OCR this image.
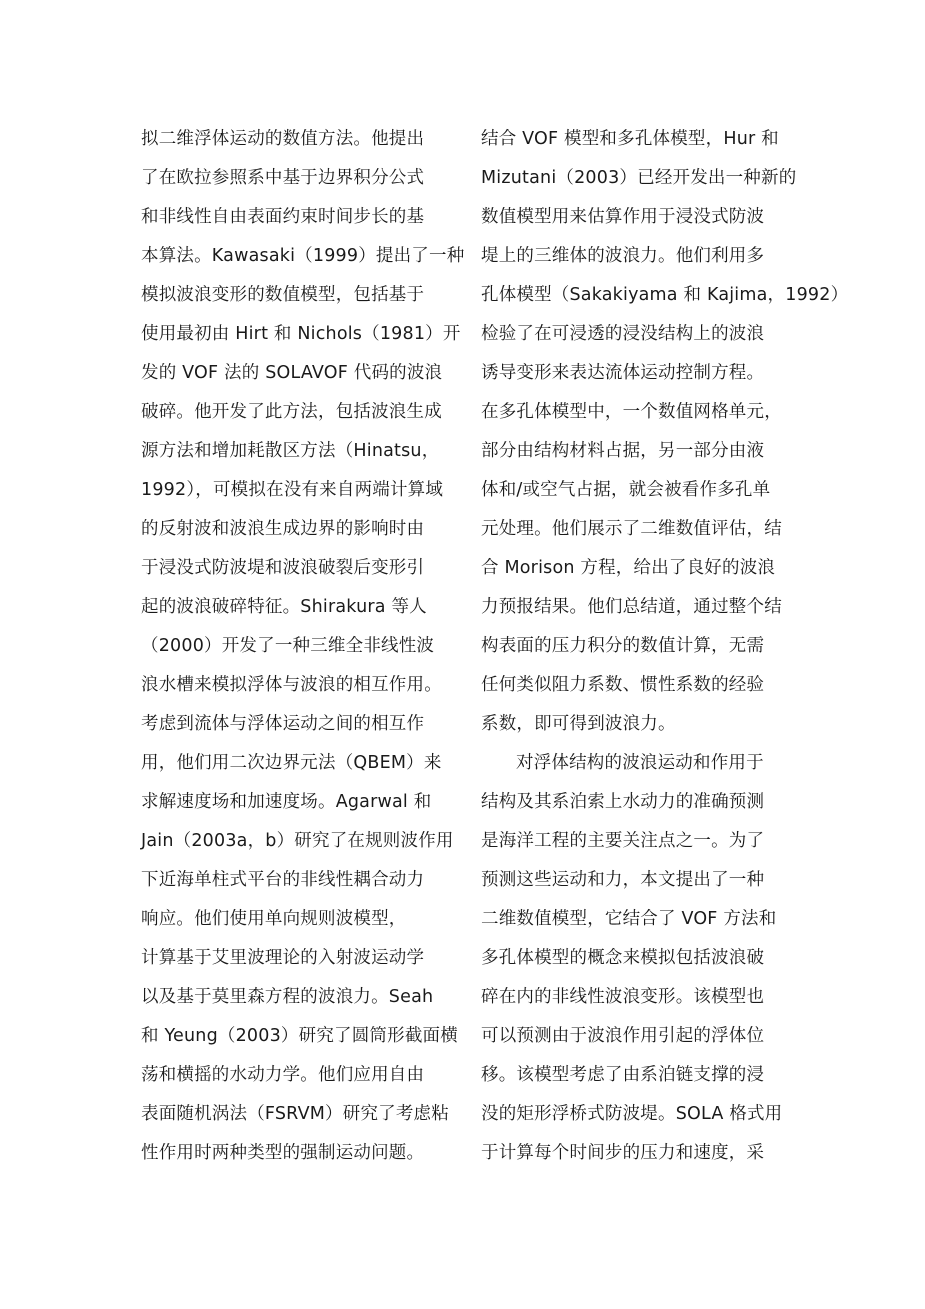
拟二维浮体运动的数值方法。他提出
了在欧拉参照系中基于边界积分公式
和非线性自由表面约束时间步长的基
本算法。Kawasaki（1999）提出了一种
模拟波浪变形的数值模型，包括基于
使用最初由 Hirt 和 Nichols（1981）开
发的 VOF 法的 SOLAVOF 代码的波浪
破碎。他开发了此方法，包括波浪生成
源方法和增加耗散区方法（Hinatsu，
1992），可模拟在没有来自两端计算域
的反射波和波浪生成边界的影响时由
于浸没式防波堤和波浪破裂后变形引
起的波浪破碎特征。Shirakura 等人
（2000）开发了一种三维全非线性波
浪水槽来模拟浮体与波浪的相互作用。
考虑到流体与浮体运动之间的相互作
用，他们用二次边界元法（QBEM）来
求解速度场和加速度场。Agarwal 和
Jain（2003a，b）研究了在规则波作用
下近海单柱式平台的非线性耦合动力
响应。他们使用单向规则波模型，
计算基于艾里波理论的入射波运动学
以及基于莫里森方程的波浪力。Seah
和 Yeung（2003）研究了圆筒形截面横
荡和横摇的水动力学。他们应用自由
表面随机涡法（FSRVM）研究了考虑粘
性作用时两种类型的强制运动问题。
结合 VOF 模型和多孔体模型，Hur 和
Mizutani（2003）已经开发出一种新的
数值模型用来估算作用于浸没式防波
堤上的三维体的波浪力。他们利用多
孔体模型（Sakakiyama 和 Kajima，1992）
检验了在可浸透的浸没结构上的波浪
诱导变形来表达流体运动控制方程。
在多孔体模型中，一个数值网格单元，
部分由结构材料占据，另一部分由液
体和/或空气占据，就会被看作多孔单
元处理。他们展示了二维数值评估，结
合 Morison 方程，给出了良好的波浪
力预报结果。他们总结道，通过整个结
构表面的压力积分的数值计算，无需
任何类似阻力系数、惯性系数的经验
系数，即可得到波浪力。
对浮体结构的波浪运动和作用于
结构及其系泊索上水动力的准确预测
是海洋工程的主要关注点之一。为了
预测这些运动和力，本文提出了一种
二维数值模型，它结合了 VOF 方法和
多孔体模型的概念来模拟包括波浪破
碎在内的非线性波浪变形。该模型也
可以预测由于波浪作用引起的浮体位
移。该模型考虑了由系泊链支撑的浸
没的矩形浮桥式防波堤。SOLA 格式用
于计算每个时间步的压力和速度，采
